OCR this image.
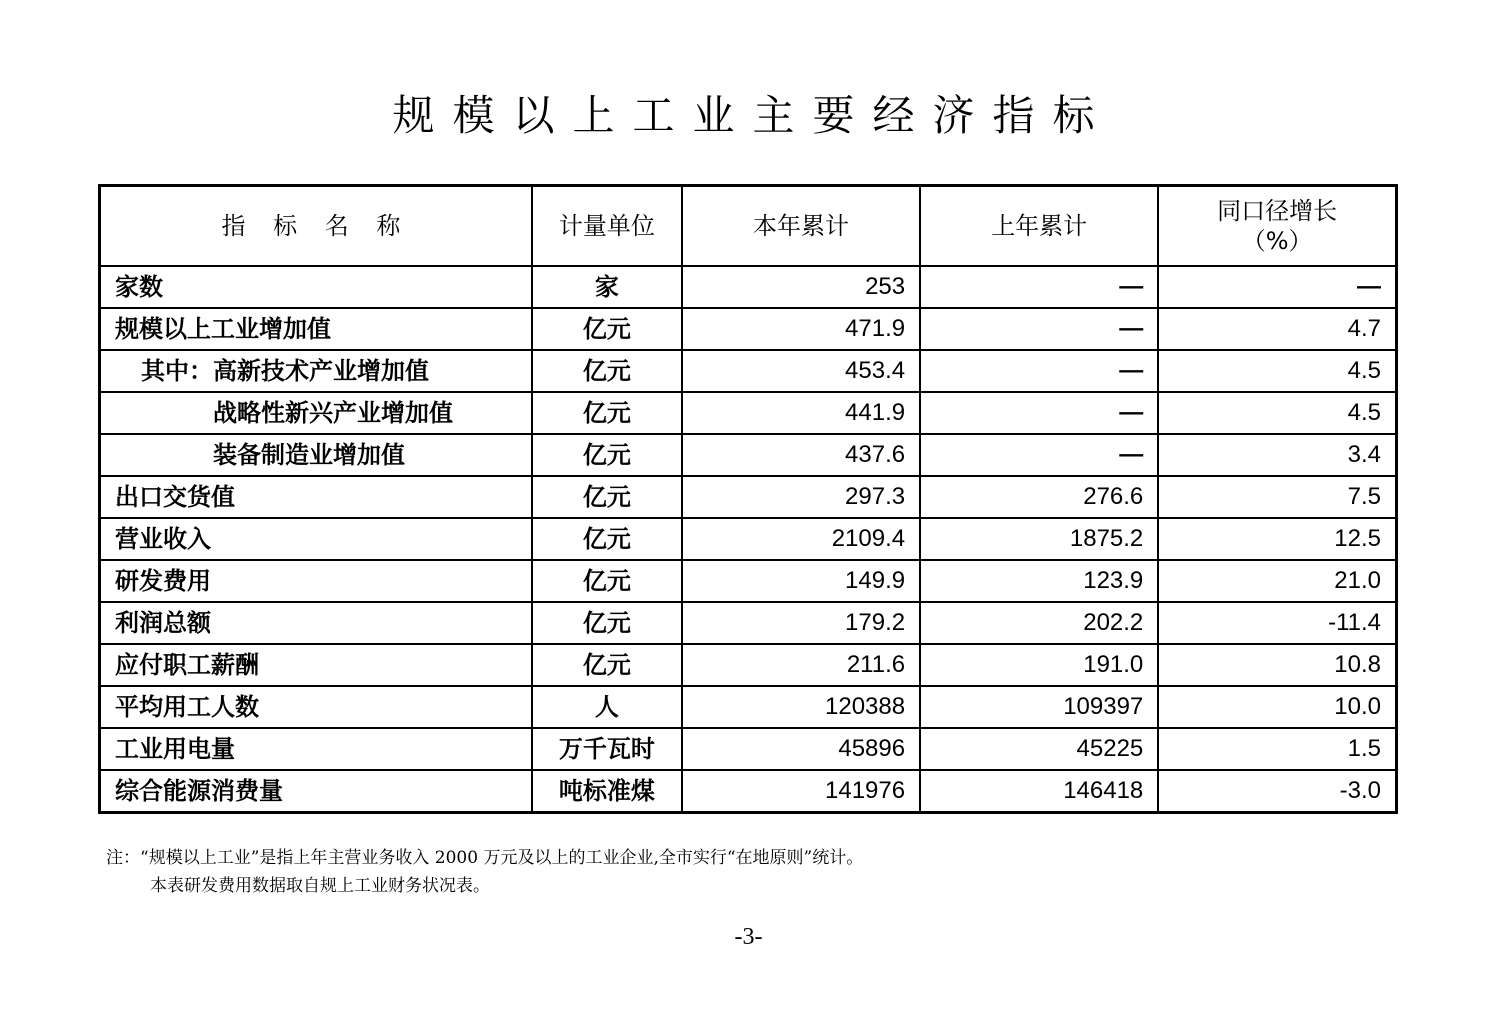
规模以上工业主要经济指标
指 标 名 称	计量单位	本年累计	上年累计	同口径增长
（%）
家数	家	253	—	—
规模以上工业增加值	亿元	471.9	—	4.7
其中：高新技术产业增加值	亿元	453.4	—	4.5
战略性新兴产业增加值	亿元	441.9	—	4.5
装备制造业增加值	亿元	437.6	—	3.4
出口交货值	亿元	297.3	276.6	7.5
营业收入	亿元	2109.4	1875.2	12.5
研发费用	亿元	149.9	123.9	21.0
利润总额	亿元	179.2	202.2	-11.4
应付职工薪酬	亿元	211.6	191.0	10.8
平均用工人数	人	120388	109397	10.0
工业用电量	万千瓦时	45896	45225	1.5
综合能源消费量	吨标准煤	141976	146418	-3.0
注：“规模以上工业”是指上年主营业务收入 2000 万元及以上的工业企业,全市实行“在地原则”统计。
本表研发费用数据取自规上工业财务状况表。
-3-
